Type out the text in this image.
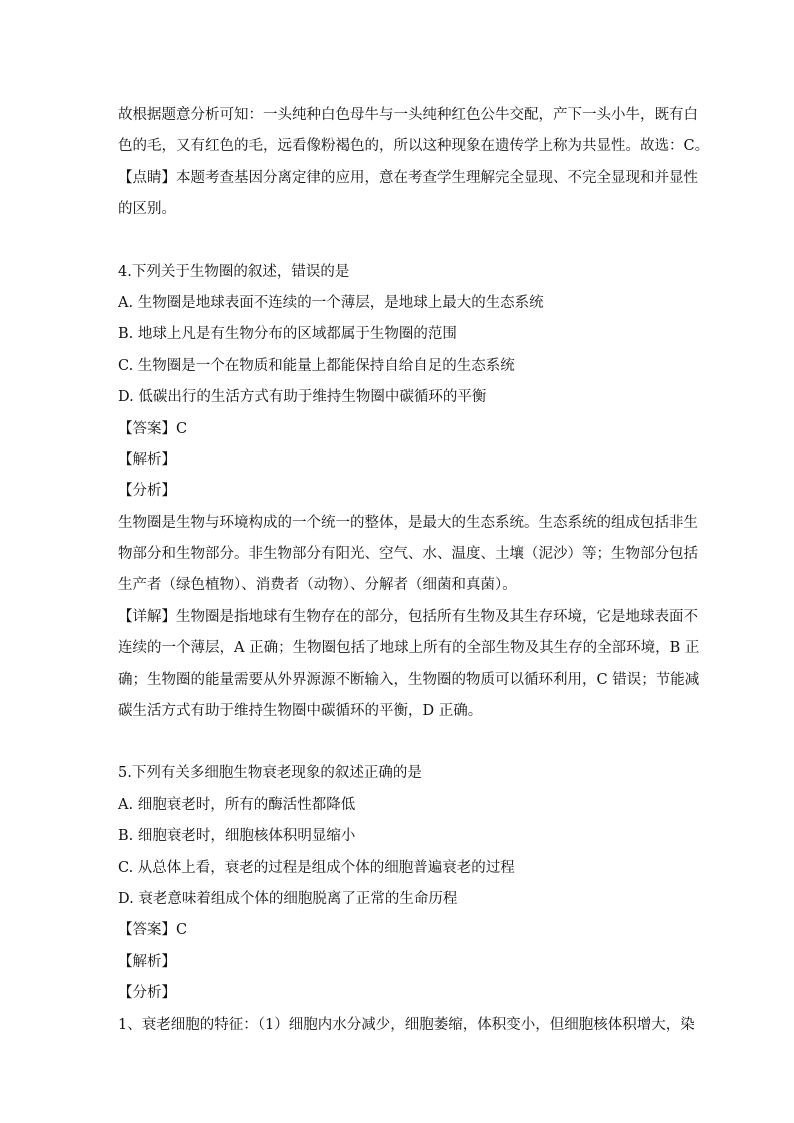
故根据题意分析可知：一头纯种白色母牛与一头纯种红色公牛交配，产下一头小牛，既有白

色的毛，又有红色的毛，远看像粉褐色的，所以这种现象在遗传学上称为共显性。故选：C。

【点睛】本题考查基因分离定律的应用，意在考查学生理解完全显现、不完全显现和并显性

的区别。

4.下列关于生物圈的叙述，错误的是

A. 生物圈是地球表面不连续的一个薄层，是地球上最大的生态系统

B. 地球上凡是有生物分布的区域都属于生物圈的范围

C. 生物圈是一个在物质和能量上都能保持自给自足的生态系统

D. 低碳出行的生活方式有助于维持生物圈中碳循环的平衡

【答案】C

【解析】

【分析】

生物圈是生物与环境构成的一个统一的整体，是最大的生态系统。生态系统的组成包括非生

物部分和生物部分。非生物部分有阳光、空气、水、温度、土壤（泥沙）等；生物部分包括

生产者（绿色植物）、消费者（动物）、分解者（细菌和真菌）。

【详解】生物圈是指地球有生物存在的部分，包括所有生物及其生存环境，它是地球表面不

连续的一个薄层，A 正确；生物圈包括了地球上所有的全部生物及其生存的全部环境，B 正

确；生物圈的能量需要从外界源源不断输入，生物圈的物质可以循环利用，C 错误；节能减

碳生活方式有助于维持生物圈中碳循环的平衡，D 正确。

5.下列有关多细胞生物衰老现象的叙述正确的是

A. 细胞衰老时，所有的酶活性都降低

B. 细胞衰老时，细胞核体积明显缩小

C. 从总体上看，衰老的过程是组成个体的细胞普遍衰老的过程

D. 衰老意味着组成个体的细胞脱离了正常的生命历程

【答案】C

【解析】

【分析】

1、衰老细胞的特征：（1）细胞内水分减少，细胞萎缩，体积变小，但细胞核体积增大，染
